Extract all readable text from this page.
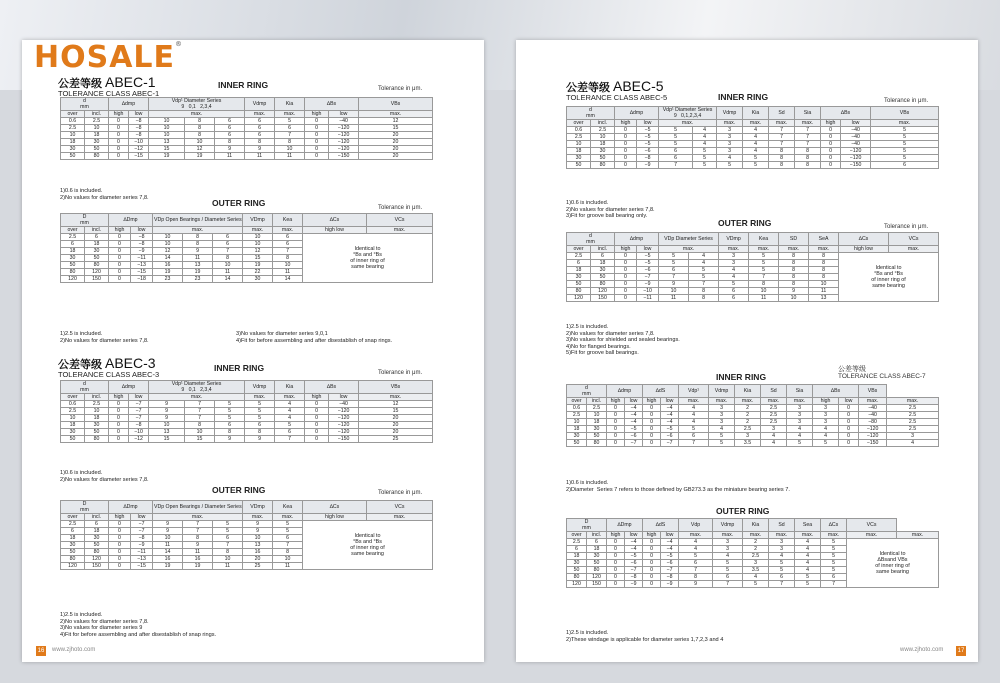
HOSALE®
公差等级 ABEC-1
TOLERANCE CLASS ABEC-1
INNER RING	Tolerance in μm.
d
mm		∆dmp		Vdp¹ Diameter Series
9   0,1   2,3,4			Vdmp	Kia	∆Bs		VBs
over	incl.	high	low	max.			max.	max.	high	low	max.
0.6	2.5	0	−8	10	8	6	6	5	0	−40	12
2.5	10	0	−8	10	8	6	6	6	0	−120	15
10	18	0	−8	10	8	6	6	7	0	−120	20
18	30	0	−10	13	10	8	8	8	0	−120	20
30	50	0	−12	15	12	9	9	10	0	−120	20
50	80	0	−15	19	19	11	11	11	0	−150	20
1)0.6 is included.
2)No values for diameter series 7,8.
OUTER RING	Tolerance in μm.
D
mm		∆Dmp		VDp Open Bearings / Diameter Series			VDmp	Kea	∆Cs	VCs	
over	incl.	high	low	max.			max.	max.	high low	max.	
2.5	6	0	−8	10	8	6	10	6	Identical to
°Bs and °Bs
of inner ring of
same bearing	
6	18	0	−8	10	8	6	10	6	
18	30	0	−9	12	9	7	12	7	
30	50	0	−11	14	11	8	15	8	
50	80	0	−13	16	13	10	19	10	
80	120	0	−15	19	19	11	22	11	
120	150	0	−18	23	23	14	30	14	
1)2.5 is included.
2)No values for diameter series 7,8.
3)No values for diameter series 9,0,1
4)Fit for before assembling and after disestablish of snap rings.
公差等级 ABEC-3
TOLERANCE CLASS ABEC-3
INNER RING	Tolerance in μm.
d
mm		∆dmp		Vdp¹ Diameter Series
9   0,1   2,3,4			Vdmp	Kia	∆Bs		VBs
over	incl.	high	low	max.			max.	max.	high	low	max.
0.6	2.5	0	−7	9	7	5	5	4	0	−40	12
2.5	10	0	−7	9	7	5	5	4	0	−120	15
10	18	0	−7	9	7	5	5	4	0	−120	20
18	30	0	−8	10	8	6	6	5	0	−120	20
30	50	0	−10	13	10	8	8	6	0	−120	20
50	80	0	−12	15	15	9	9	7	0	−150	25
1)0.6 is included.
2)No values for diameter series 7,8.
OUTER RING	Tolerance in μm.
D
mm		∆Dmp		VDp Open Bearings / Diameter Series			VDmp	Kea	∆Cs	VCs	
over	incl.	high	low	max.			max.	max.	high low	max.	
2.5	6	0	−7	9	7	5	9	5	Identical to
°Bs and °Bs
of inner ring of
same bearing	
6	18	0	−7	9	7	5	9	5	
18	30	0	−8	10	8	6	10	6	
30	50	0	−9	11	9	7	13	7	
50	80	0	−11	14	11	8	16	8	
80	120	0	−13	16	16	10	20	10	
120	150	0	−15	19	19	11	25	11	
1)2.5 is included.
2)No values for diameter series 7,8.
3)No values for diameter series 9
4)Fit for before assembling and after disestablish of snap rings.
16 www.zjhoto.com
公差等级 ABEC-5
TOLERANCE CLASS ABEC-5	INNER RING	Tolerance in μm.
d
mm		∆dmp		Vdp¹ Diameter Series
9   0,1,2,3,4		Vdmp	Kia	Sd	Sia	∆Bs		VBs
over	incl.	high	low	max.		max.	max.	max.	max.	high	low	max.
0.6	2.5	0	−5	5	4	3	4	7	7	0	−40	5
2.5	10	0	−5	5	4	3	4	7	7	0	−40	5
10	18	0	−5	5	4	3	4	7	7	0	−40	5
18	30	0	−6	6	5	3	4	8	8	0	−120	5
30	50	0	−8	6	5	4	5	8	8	0	−120	5
50	80	0	−9	7	5	5	5	8	8	0	−150	6
1)0.6 is included.
2)No values for diameter series 7,8.
3)Fit for groove ball bearing only.
OUTER RING	Tolerance in μm.
d
mm		∆dmp		VDp Diameter Series		VDmp	Kea	SD	SeA	∆Cs	VCs
over	incl.	high	low	max.		max.	max.	max.	max.	high low	max.
2.5	6	0	−5	5	4	3	5	8	8	Identical to
°Bs and °Bs
of inner ring of
same bearing	
6	18	0	−5	5	4	3	5	8	8		
18	30	0	−6	6	5	4	5	8	8		
30	50	0	−7	7	5	4	7	8	8		
50	80	0	−9	9	7	5	8	8	10		
80	120	0	−10	10	8	6	10	9	11		
120	150	0	−11	11	8	6	11	10	13		
1)2.5 is included.
2)No values for diameter series 7,8.
3)No values for shielded and sealed bearings.
4)No for flanged bearings.
5)Fit for groove ball bearings.
公差等级
INNER RING	TOLERANCE CLASS ABEC-7
d
mm		∆dmp		∆dS		Vdp¹	Vdmp	Kia	Sd	Sia	∆Bs		VBs	
over	incl.	high	low	high	low	max.	max.	max.	max.	max.	high	low	max.	max.
0.6	2.5	0	−4	0	−4	4	3	2	2.5	3	3	0	−40	2.5
2.5	10	0	−4	0	−4	4	3	2	2.5	3	3	0	−40	2.5
10	18	0	−4	0	−4	4	3	2	2.5	3	3	0	−80	2.5
18	30	0	−5	0	−5	5	4	2.5	3	4	4	0	−120	2.5
30	50	0	−6	0	−6	6	5	3	4	4	4	0	−120	3
50	80	0	−7	0	−7	7	5	3.5	4	5	5	0	−150	4
1)0.6 is included.
2)Diameter  Series 7 refers to those defined by GB273.3 as the miniature bearing series 7.
OUTER RING
D
mm		∆Dmp		∆dS		Vdp	Vdmp	Kia	Sd	Sea	∆Cs	VCs	
over	incl.	high	low	high	low	max.	max.	max.	max.	max.	max.	max.	max.
2.5	6	0	−4	0	−4	4	3	2	3	4	5	Identical to
∆Bsand VBs
of inner ring of
same bearing	
6	18	0	−4	0	−4	4	3	2	3	4	5		
18	30	0	−5	0	−5	5	4	2.5	4	4	5		
30	50	0	−6	0	−6	6	5	3	5	4	5		
50	80	0	−7	0	−7	7	5	3.5	5	4	5		
80	120	0	−8	0	−8	8	6	4	6	5	6		
120	150	0	−9	0	−9	9	7	5	7	5	7		
1)2.5 is included.
2)These windage is applicable for diameter series 1,7,2,3 and 4
www.zjhoto.com 17
